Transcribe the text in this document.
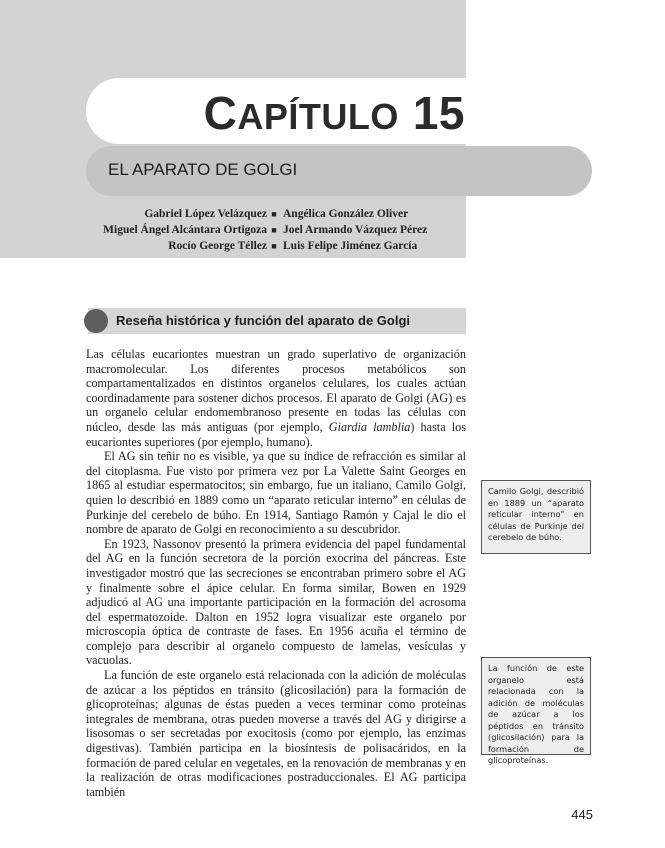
CAPÍTULO 15
EL APARATO DE GOLGI
Gabriel López Velázquez
Miguel Ángel Alcántara Ortigoza
Rocío George Téllez
■
■
■
Angélica González Oliver
Joel Armando Vázquez Pérez
Luis Felipe Jiménez García
Reseña histórica y función del aparato de Golgi

Las células eucariontes muestran un grado superlativo de organización macromolecular. Los diferentes procesos metabólicos son compartamentalizados en distintos organelos celulares, los cuales actúan coordinadamente para sostener dichos procesos. El aparato de Golgi (AG) es un organelo celular endomembranoso presente en todas las células con núcleo, desde las más antiguas (por ejemplo, Giardia lamblia) hasta los eucariontes superiores (por ejemplo, humano).

El AG sin teñir no es visible, ya que su índice de refracción es similar al del citoplasma. Fue visto por primera vez por La Valette Saint Georges en 1865 al estudiar espermatocitos; sin embargo, fue un italiano, Camilo Golgi, quien lo describió en 1889 como un “aparato reticular interno” en células de Purkinje del cerebelo de búho. En 1914, Santiago Ramón y Cajal le dio el nombre de aparato de Golgi en reconocimiento a su descubridor.

En 1923, Nassonov presentó la primera evidencia del papel fundamental del AG en la función secretora de la porción exocrina del páncreas. Este investigador mostró que las secreciones se encontraban primero sobre el AG y finalmente sobre el ápice celular. En forma similar, Bowen en 1929 adjudicó al AG una importante participación en la formación del acrosoma del espermatozoide. Dalton en 1952 logra visualizar este organelo por microscopia óptica de contraste de fases. En 1956 acuña el término de complejo para describir al organelo compuesto de lamelas, vesículas y vacuolas.

La función de este organelo está relacionada con la adición de moléculas de azúcar a los péptidos en tránsito (glicosilación) para la formación de glicoproteínas; algunas de éstas pueden a veces terminar como proteínas integrales de membrana, otras pueden moverse a través del AG y dirigirse a lisosomas o ser secretadas por exocitosis (como por ejemplo, las enzimas digestivas). También participa en la biosíntesis de polisacáridos, en la formación de pared celular en vegetales, en la renovación de membranas y en la realización de otras modificaciones postraduccionales. El AG participa también

Camilo Golgi, describió en 1889 un “aparato reticular interno” en células de Purkinje del cerebelo de búho.
La función de este organelo está relacionada con la adición de moléculas de azúcar a los péptidos en tránsito (glicosilación) para la formación de glicoproteínas.
445
